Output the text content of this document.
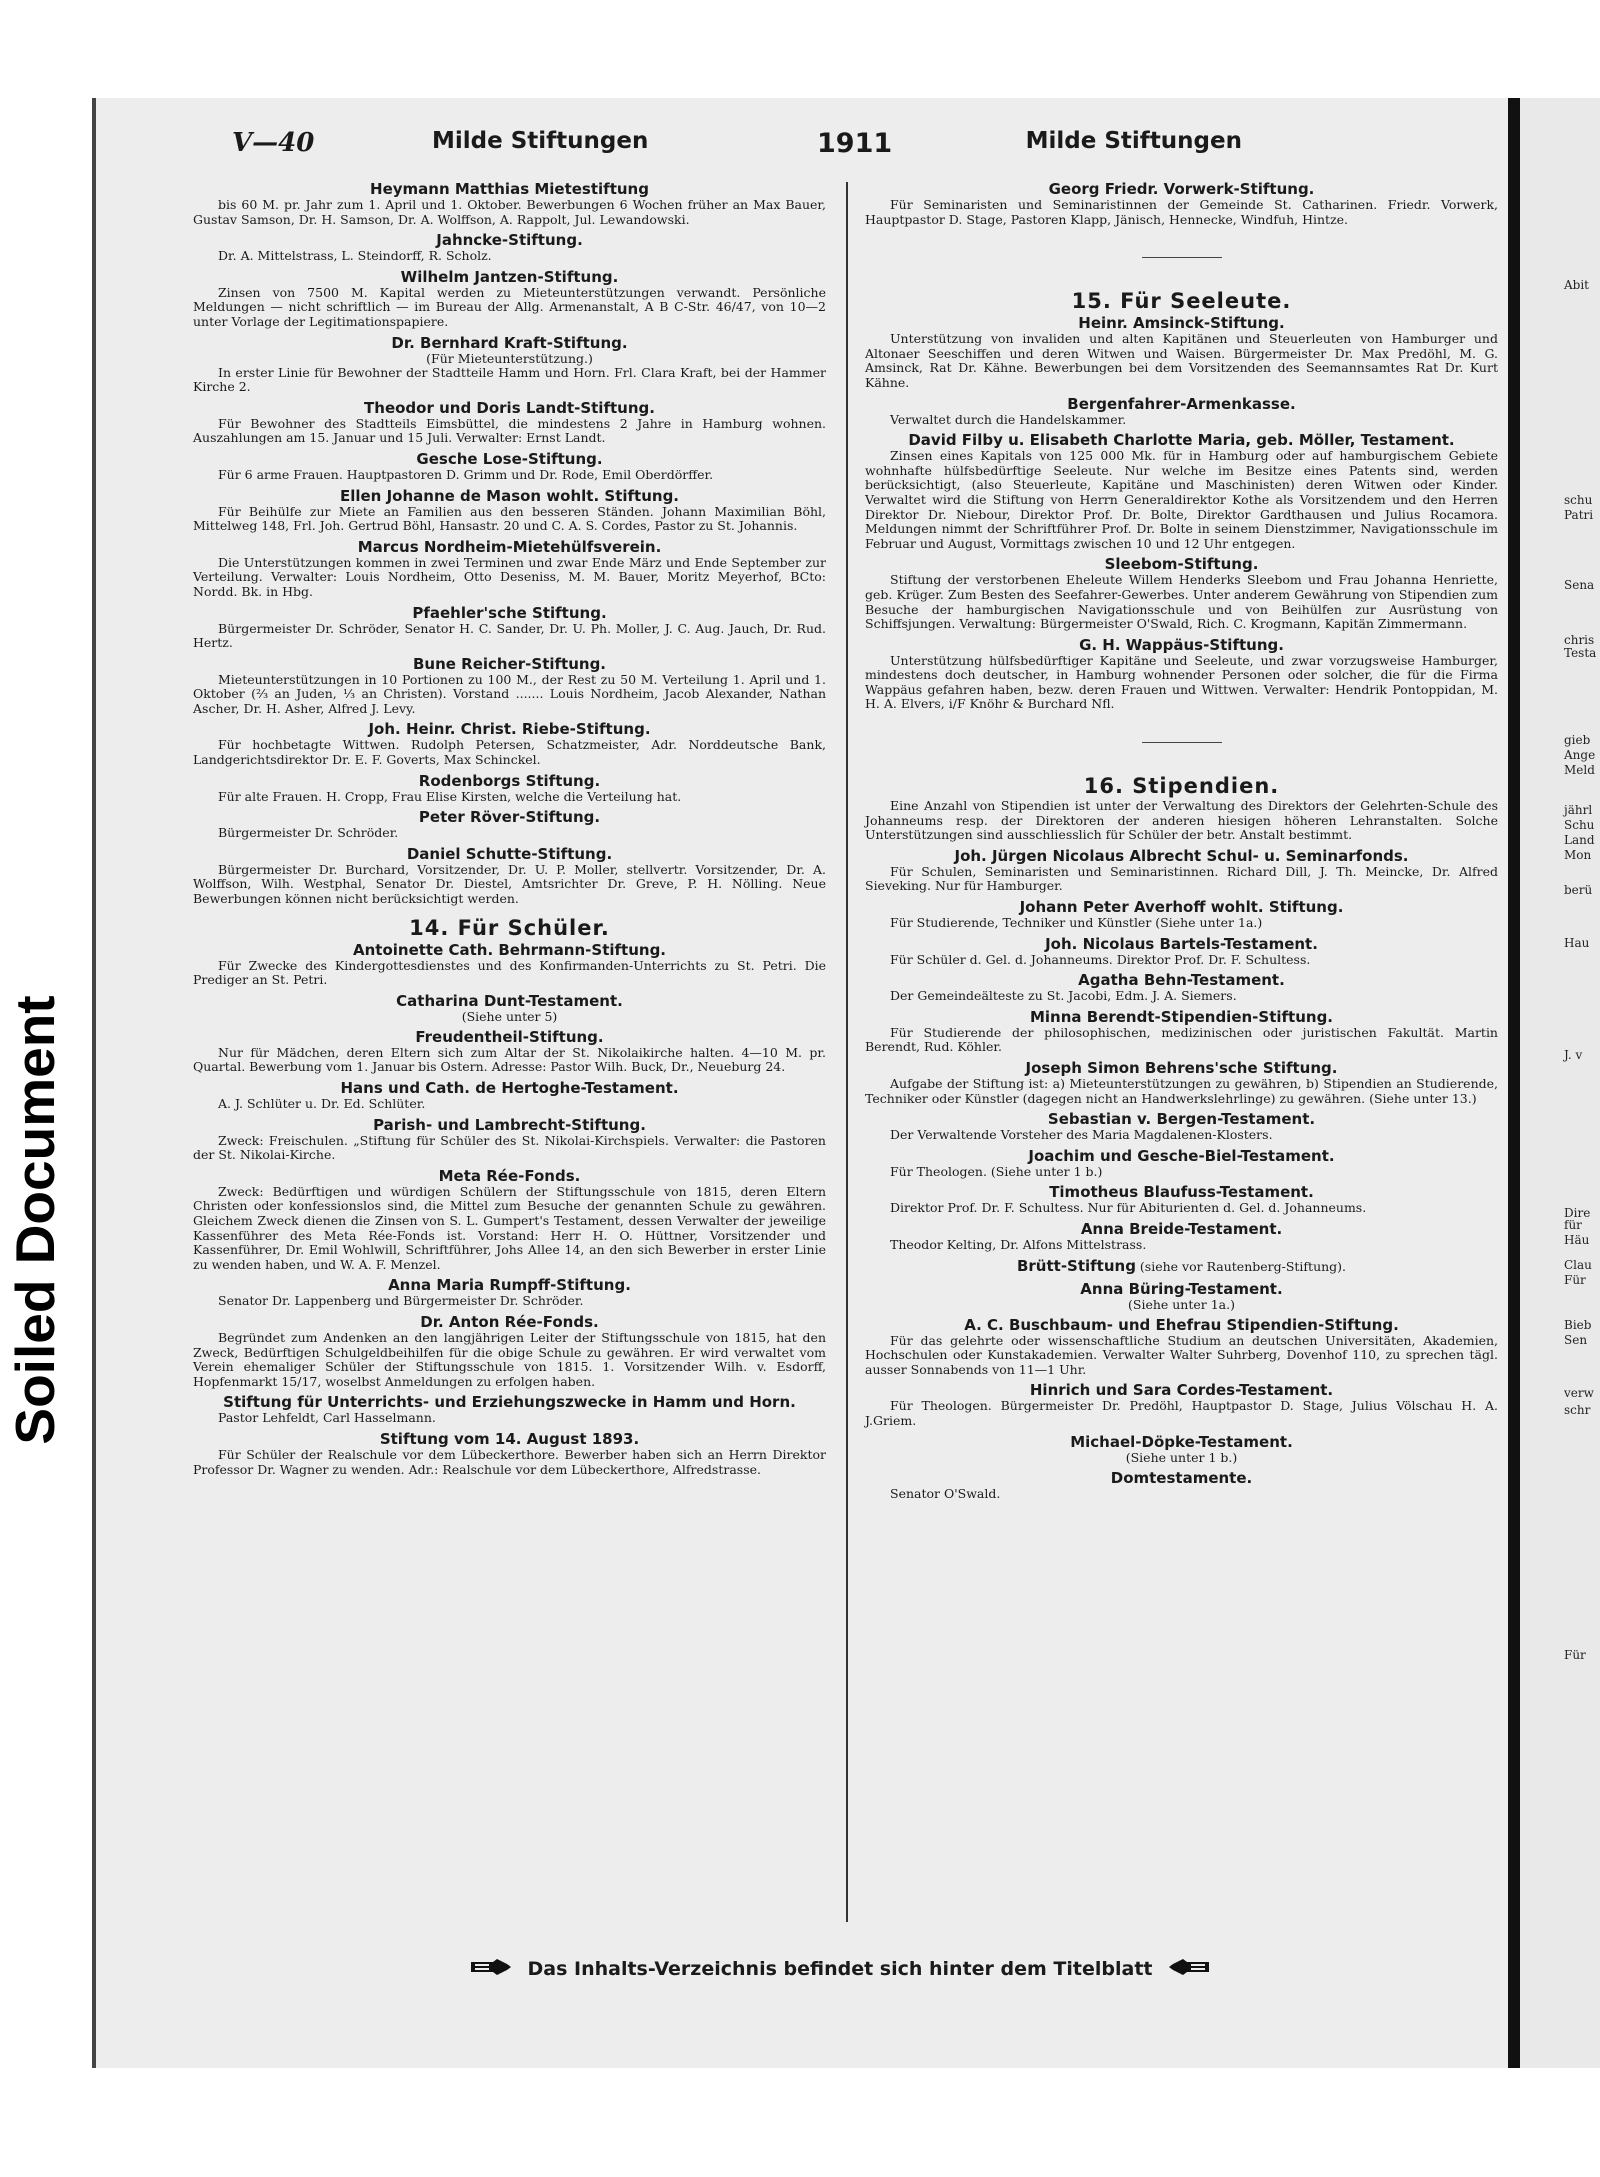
Abit
schu
Patri
Sena
chris
Testa
gieb
Ange
Meld
jährl
Schu
Land
Mon
berü
Hau
J. v
Dire
für
Häu
Clau
Für
Bieb
Sen
verw
schr
Für
Soiled Document
V—40	Milde Stiftungen	1911	Milde Stiftungen
Heymann Matthias Mietestiftung
bis 60 M. pr. Jahr zum 1. April und 1. Oktober. Bewerbungen 6 Wochen früher an Max Bauer, Gustav Samson, Dr. H. Samson, Dr. A. Wolffson, A. Rappolt, Jul. Lewandowski.
Jahncke-Stiftung.
Dr. A. Mittelstrass, L. Steindorff, R. Scholz.
Wilhelm Jantzen-Stiftung.
Zinsen von 7500 M. Kapital werden zu Mieteunterstützungen verwandt. Persönliche Meldungen — nicht schriftlich — im Bureau der Allg. Armenanstalt, A B C-Str. 46/47, von 10—2 unter Vorlage der Legitimationspapiere.
Dr. Bernhard Kraft-Stiftung.
(Für Mieteunterstützung.)
In erster Linie für Bewohner der Stadtteile Hamm und Horn. Frl. Clara Kraft, bei der Hammer Kirche 2.
Theodor und Doris Landt-Stiftung.
Für Bewohner des Stadtteils Eimsbüttel, die mindestens 2 Jahre in Hamburg wohnen. Auszahlungen am 15. Januar und 15 Juli. Verwalter: Ernst Landt.
Gesche Lose-Stiftung.
Für 6 arme Frauen. Hauptpastoren D. Grimm und Dr. Rode, Emil Oberdörffer.
Ellen Johanne de Mason wohlt. Stiftung.
Für Beihülfe zur Miete an Familien aus den besseren Ständen. Johann Maximilian Böhl, Mittelweg 148, Frl. Joh. Gertrud Böhl, Hansastr. 20 und C. A. S. Cordes, Pastor zu St. Johannis.
Marcus Nordheim-Mietehülfsverein.
Die Unterstützungen kommen in zwei Terminen und zwar Ende März und Ende September zur Verteilung. Verwalter: Louis Nordheim, Otto Deseniss, M. M. Bauer, Moritz Meyerhof, BCto: Nordd. Bk. in Hbg.
Pfaehler'sche Stiftung.
Bürgermeister Dr. Schröder, Senator H. C. Sander, Dr. U. Ph. Moller, J. C. Aug. Jauch, Dr. Rud. Hertz.
Bune Reicher-Stiftung.
Mieteunterstützungen in 10 Portionen zu 100 M., der Rest zu 50 M. Verteilung 1. April und 1. Oktober (⅔ an Juden, ⅓ an Christen). Vorstand ....... Louis Nordheim, Jacob Alexander, Nathan Ascher, Dr. H. Asher, Alfred J. Levy.
Joh. Heinr. Christ. Riebe-Stiftung.
Für hochbetagte Wittwen. Rudolph Petersen, Schatzmeister, Adr. Norddeutsche Bank, Landgerichtsdirektor Dr. E. F. Goverts, Max Schinckel.
Rodenborgs Stiftung.
Für alte Frauen. H. Cropp, Frau Elise Kirsten, welche die Verteilung hat.
Peter Röver-Stiftung.
Bürgermeister Dr. Schröder.
Daniel Schutte-Stiftung.
Bürgermeister Dr. Burchard, Vorsitzender, Dr. U. P. Moller, stellvertr. Vorsitzender, Dr. A. Wolffson, Wilh. Westphal, Senator Dr. Diestel, Amtsrichter Dr. Greve, P. H. Nölling. Neue Bewerbungen können nicht berücksichtigt werden.
14. Für Schüler.
Antoinette Cath. Behrmann-Stiftung.
Für Zwecke des Kindergottesdienstes und des Konfirmanden-Unterrichts zu St. Petri. Die Prediger an St. Petri.
Catharina Dunt-Testament.
(Siehe unter 5)
Freudentheil-Stiftung.
Nur für Mädchen, deren Eltern sich zum Altar der St. Nikolaikirche halten. 4—10 M. pr. Quartal. Bewerbung vom 1. Januar bis Ostern. Adresse: Pastor Wilh. Buck, Dr., Neueburg 24.
Hans und Cath. de Hertoghe-Testament.
A. J. Schlüter u. Dr. Ed. Schlüter.
Parish- und Lambrecht-Stiftung.
Zweck: Freischulen. „Stiftung für Schüler des St. Nikolai-Kirchspiels. Verwalter: die Pastoren der St. Nikolai-Kirche.
Meta Rée-Fonds.
Zweck: Bedürftigen und würdigen Schülern der Stiftungsschule von 1815, deren Eltern Christen oder konfessionslos sind, die Mittel zum Besuche der genannten Schule zu gewähren. Gleichem Zweck dienen die Zinsen von S. L. Gumpert's Testament, dessen Verwalter der jeweilige Kassenführer des Meta Rée-Fonds ist. Vorstand: Herr H. O. Hüttner, Vorsitzender und Kassenführer, Dr. Emil Wohlwill, Schriftführer, Johs Allee 14, an den sich Bewerber in erster Linie zu wenden haben, und W. A. F. Menzel.
Anna Maria Rumpff-Stiftung.
Senator Dr. Lappenberg und Bürgermeister Dr. Schröder.
Dr. Anton Rée-Fonds.
Begründet zum Andenken an den langjährigen Leiter der Stiftungsschule von 1815, hat den Zweck, Bedürftigen Schulgeldbeihilfen für die obige Schule zu gewähren. Er wird verwaltet vom Verein ehemaliger Schüler der Stiftungsschule von 1815. 1. Vorsitzender Wilh. v. Esdorff, Hopfenmarkt 15/17, woselbst Anmeldungen zu erfolgen haben.
Stiftung für Unterrichts- und Erziehungszwecke in Hamm und Horn.
Pastor Lehfeldt, Carl Hasselmann.
Stiftung vom 14. August 1893.
Für Schüler der Realschule vor dem Lübeckerthore. Bewerber haben sich an Herrn Direktor Professor Dr. Wagner zu wenden. Adr.: Realschule vor dem Lübeckerthore, Alfredstrasse.
Georg Friedr. Vorwerk-Stiftung.
Für Seminaristen und Seminaristinnen der Gemeinde St. Catharinen. Friedr. Vorwerk, Hauptpastor D. Stage, Pastoren Klapp, Jänisch, Hennecke, Windfuh, Hintze.
15. Für Seeleute.
Heinr. Amsinck-Stiftung.
Unterstützung von invaliden und alten Kapitänen und Steuerleuten von Hamburger und Altonaer Seeschiffen und deren Witwen und Waisen. Bürgermeister Dr. Max Predöhl, M. G. Amsinck, Rat Dr. Kähne. Bewerbungen bei dem Vorsitzenden des Seemannsamtes Rat Dr. Kurt Kähne.
Bergenfahrer-Armenkasse.
Verwaltet durch die Handelskammer.
David Filby u. Elisabeth Charlotte Maria, geb. Möller, Testament.
Zinsen eines Kapitals von 125 000 Mk. für in Hamburg oder auf hamburgischem Gebiete wohnhafte hülfsbedürftige Seeleute. Nur welche im Besitze eines Patents sind, werden berücksichtigt, (also Steuerleute, Kapitäne und Maschinisten) deren Witwen oder Kinder. Verwaltet wird die Stiftung von Herrn Generaldirektor Kothe als Vorsitzendem und den Herren Direktor Dr. Niebour, Direktor Prof. Dr. Bolte, Direktor Gardthausen und Julius Rocamora. Meldungen nimmt der Schriftführer Prof. Dr. Bolte in seinem Dienstzimmer, Navigationsschule im Februar und August, Vormittags zwischen 10 und 12 Uhr entgegen.
Sleebom-Stiftung.
Stiftung der verstorbenen Eheleute Willem Henderks Sleebom und Frau Johanna Henriette, geb. Krüger. Zum Besten des Seefahrer-Gewerbes. Unter anderem Gewährung von Stipendien zum Besuche der hamburgischen Navigationsschule und von Beihülfen zur Ausrüstung von Schiffsjungen. Verwaltung: Bürgermeister O'Swald, Rich. C. Krogmann, Kapitän Zimmermann.
G. H. Wappäus-Stiftung.
Unterstützung hülfsbedürftiger Kapitäne und Seeleute, und zwar vorzugsweise Hamburger, mindestens doch deutscher, in Hamburg wohnender Personen oder solcher, die für die Firma Wappäus gefahren haben, bezw. deren Frauen und Wittwen. Verwalter: Hendrik Pontoppidan, M. H. A. Elvers, i/F Knöhr & Burchard Nfl.
16. Stipendien.
Eine Anzahl von Stipendien ist unter der Verwaltung des Direktors der Gelehrten-Schule des Johanneums resp. der Direktoren der anderen hiesigen höheren Lehranstalten. Solche Unterstützungen sind ausschliesslich für Schüler der betr. Anstalt bestimmt.
Joh. Jürgen Nicolaus Albrecht Schul- u. Seminarfonds.
Für Schulen, Seminaristen und Seminaristinnen. Richard Dill, J. Th. Meincke, Dr. Alfred Sieveking. Nur für Hamburger.
Johann Peter Averhoff wohlt. Stiftung.
Für Studierende, Techniker und Künstler (Siehe unter 1a.)
Joh. Nicolaus Bartels-Testament.
Für Schüler d. Gel. d. Johanneums. Direktor Prof. Dr. F. Schultess.
Agatha Behn-Testament.
Der Gemeindeälteste zu St. Jacobi, Edm. J. A. Siemers.
Minna Berendt-Stipendien-Stiftung.
Für Studierende der philosophischen, medizinischen oder juristischen Fakultät. Martin Berendt, Rud. Köhler.
Joseph Simon Behrens'sche Stiftung.
Aufgabe der Stiftung ist: a) Mieteunterstützungen zu gewähren, b) Stipendien an Studierende, Techniker oder Künstler (dagegen nicht an Handwerkslehrlinge) zu gewähren. (Siehe unter 13.)
Sebastian v. Bergen-Testament.
Der Verwaltende Vorsteher des Maria Magdalenen-Klosters.
Joachim und Gesche-Biel-Testament.
Für Theologen. (Siehe unter 1 b.)
Timotheus Blaufuss-Testament.
Direktor Prof. Dr. F. Schultess. Nur für Abiturienten d. Gel. d. Johanneums.
Anna Breide-Testament.
Theodor Kelting, Dr. Alfons Mittelstrass.
Brütt-Stiftung (siehe vor Rautenberg-Stiftung).
Anna Büring-Testament.
(Siehe unter 1a.)
A. C. Buschbaum- und Ehefrau Stipendien-Stiftung.
Für das gelehrte oder wissenschaftliche Studium an deutschen Universitäten, Akademien, Hochschulen oder Kunstakademien. Verwalter Walter Suhrberg, Dovenhof 110, zu sprechen tägl. ausser Sonnabends von 11—1 Uhr.
Hinrich und Sara Cordes-Testament.
Für Theologen. Bürgermeister Dr. Predöhl, Hauptpastor D. Stage, Julius Völschau H. A. J.Griem.
Michael-Döpke-Testament.
(Siehe unter 1 b.)
Domtestamente.
Senator O'Swald.
Das Inhalts-Verzeichnis befindet sich hinter dem Titelblatt
